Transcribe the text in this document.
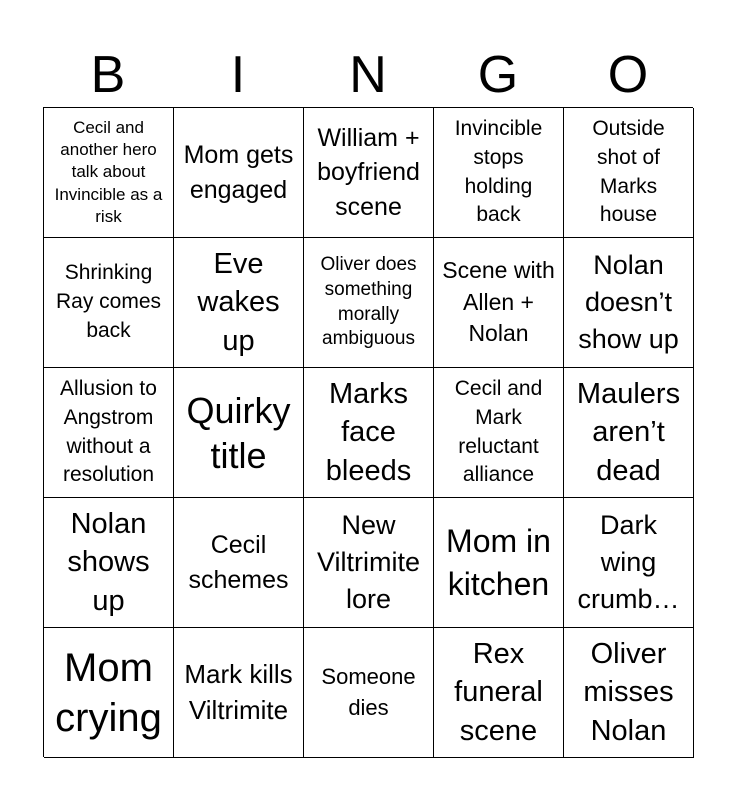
B	I	N	G	O
Cecil and another hero talk about Invincible as a risk
Mom gets engaged
William + boyfriend scene
Invincible stops holding back
Outside shot of Marks house
Shrinking Ray comes back
Eve wakes up
Oliver does something morally ambiguous
Scene with Allen + Nolan
Nolan doesn’t show up
Allusion to Angstrom without a resolution
Quirky title
Marks face bleeds
Cecil and Mark reluctant alliance
Maulers aren’t dead
Nolan shows up
Cecil schemes
New Viltrimite lore
Mom in kitchen
Dark wing crumb…
Mom crying
Mark kills Viltrimite
Someone dies
Rex funeral scene
Oliver misses Nolan
